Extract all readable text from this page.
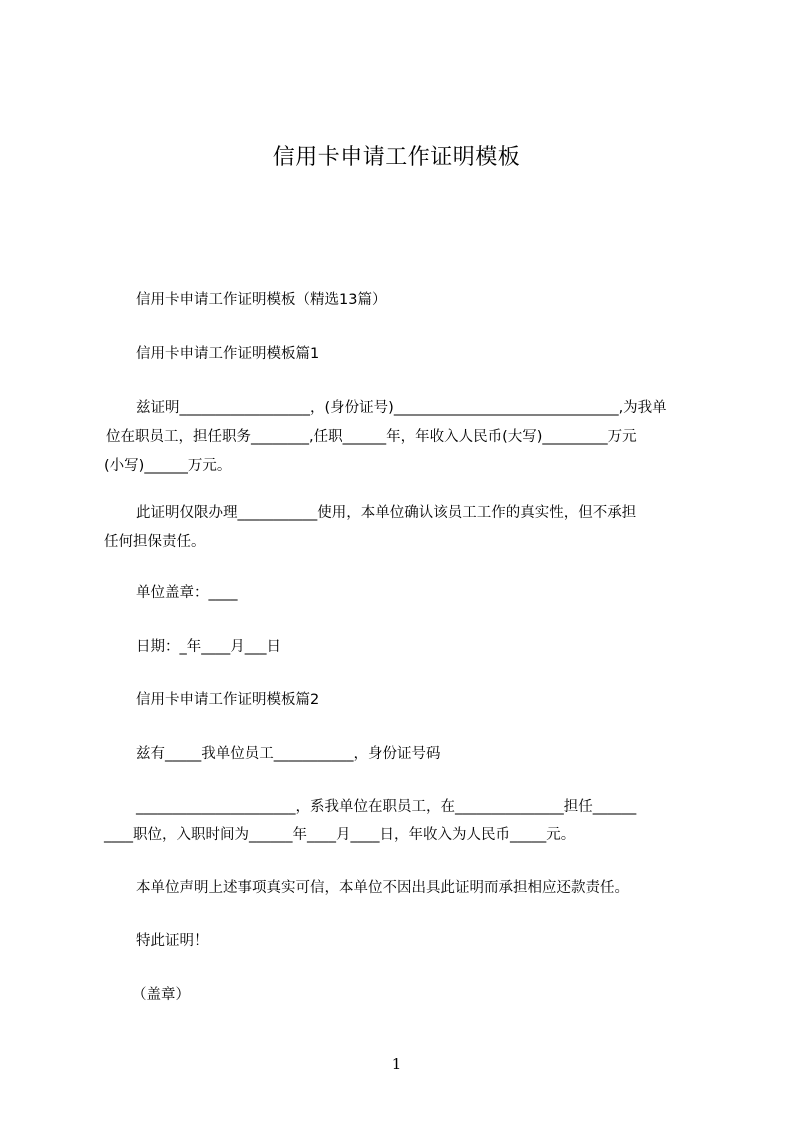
信用卡申请工作证明模板
信用卡申请工作证明模板（精选13篇）
信用卡申请工作证明模板篇1
兹证明__________________，(身份证号)_______________________________,为我单
位在职员工，担任职务________,任职______年，年收入人民币(大写)_________万元
(小写)______万元。
此证明仅限办理___________使用，本单位确认该员工工作的真实性，但不承担
任何担保责任。
单位盖章：____
日期：_年____月___日
信用卡申请工作证明模板篇2
兹有_____我单位员工___________，身份证号码
______________________，系我单位在职员工，在_______________担任______
____职位，入职时间为______年____月____日，年收入为人民币_____元。
本单位声明上述事项真实可信，本单位不因出具此证明而承担相应还款责任。
特此证明！
（盖章）
1
